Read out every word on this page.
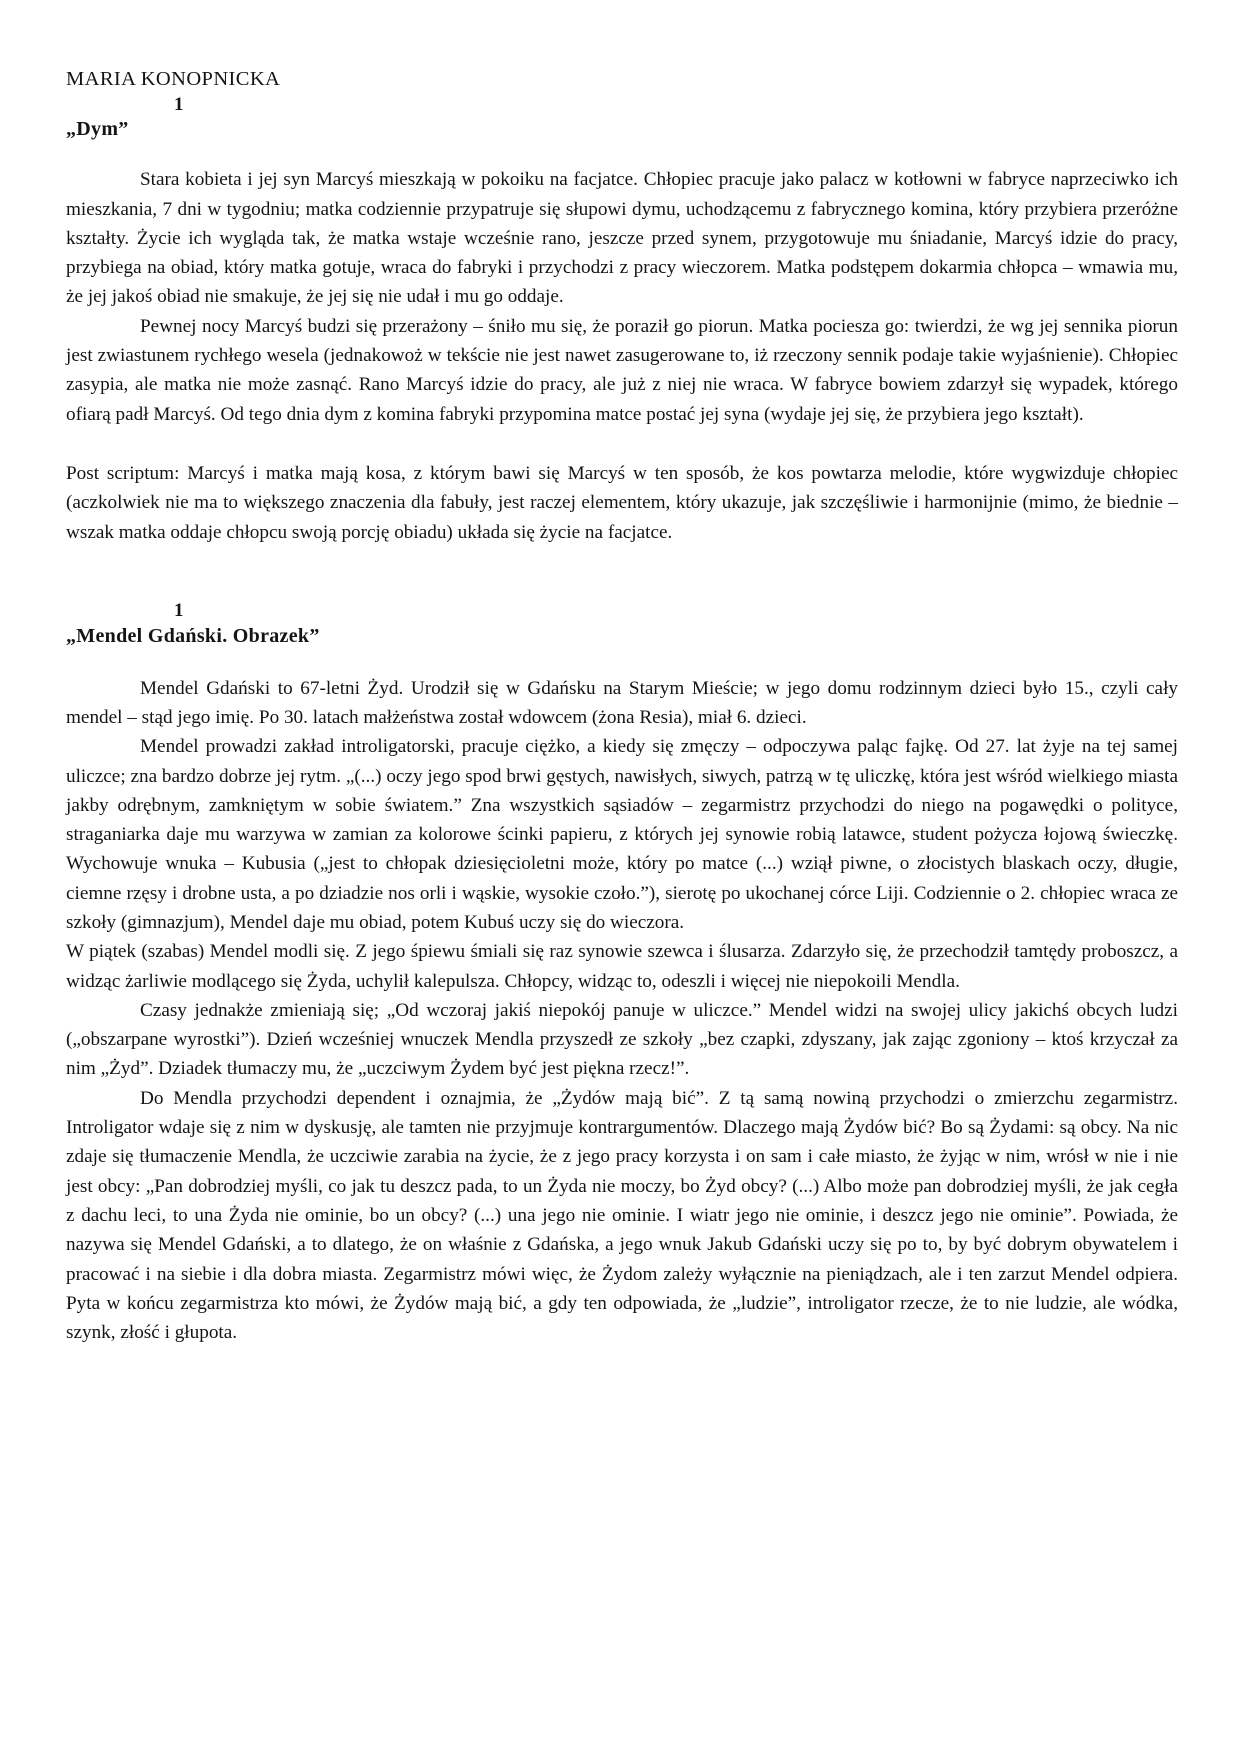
MARIA KONOPNICKA
1
„Dym”

Stara kobieta i jej syn Marcyś mieszkają w pokoiku na facjatce. Chłopiec pracuje jako palacz w kotłowni w fabryce naprzeciwko ich mieszkania, 7 dni w tygodniu; matka codziennie przypatruje się słupowi dymu, uchodzącemu z fabrycznego komina, który przybiera przeróżne kształty. Życie ich wygląda tak, że matka wstaje wcześnie rano, jeszcze przed synem, przygotowuje mu śniadanie, Marcyś idzie do pracy, przybiega na obiad, który matka gotuje, wraca do fabryki i przychodzi z pracy wieczorem. Matka podstępem dokarmia chłopca – wmawia mu, że jej jakoś obiad nie smakuje, że jej się nie udał i mu go oddaje.

Pewnej nocy Marcyś budzi się przerażony – śniło mu się, że poraził go piorun. Matka pociesza go: twierdzi, że wg jej sennika piorun jest zwiastunem rychłego wesela (jednakowoż w tekście nie jest nawet zasugerowane to, iż rzeczony sennik podaje takie wyjaśnienie). Chłopiec zasypia, ale matka nie może zasnąć. Rano Marcyś idzie do pracy, ale już z niej nie wraca. W fabryce bowiem zdarzył się wypadek, którego ofiarą padł Marcyś. Od tego dnia dym z komina fabryki przypomina matce postać jej syna (wydaje jej się, że przybiera jego kształt).

Post scriptum: Marcyś i matka mają kosa, z którym bawi się Marcyś w ten sposób, że kos powtarza melodie, które wygwizduje chłopiec (aczkolwiek nie ma to większego znaczenia dla fabuły, jest raczej elementem, który ukazuje, jak szczęśliwie i harmonijnie (mimo, że biednie – wszak matka oddaje chłopcu swoją porcję obiadu) układa się życie na facjatce.

1
„Mendel Gdański. Obrazek”

Mendel Gdański to 67-letni Żyd. Urodził się w Gdańsku na Starym Mieście; w jego domu rodzinnym dzieci było 15., czyli cały mendel – stąd jego imię. Po 30. latach małżeństwa został wdowcem (żona Resia), miał 6. dzieci.

Mendel prowadzi zakład introligatorski, pracuje ciężko, a kiedy się zmęczy – odpoczywa paląc fajkę. Od 27. lat żyje na tej samej uliczce; zna bardzo dobrze jej rytm. „(...) oczy jego spod brwi gęstych, nawisłych, siwych, patrzą w tę uliczkę, która jest wśród wielkiego miasta jakby odrębnym, zamkniętym w sobie światem.” Zna wszystkich sąsiadów – zegarmistrz przychodzi do niego na pogawędki o polityce, straganiarka daje mu warzywa w zamian za kolorowe ścinki papieru, z których jej synowie robią latawce, student pożycza łojową świeczkę. Wychowuje wnuka – Kubusia („jest to chłopak dziesięcioletni może, który po matce (...) wziął piwne, o złocistych blaskach oczy, długie, ciemne rzęsy i drobne usta, a po dziadzie nos orli i wąskie, wysokie czoło.”), sierotę po ukochanej córce Liji. Codziennie o 2. chłopiec wraca ze szkoły (gimnazjum), Mendel daje mu obiad, potem Kubuś uczy się do wieczora.

W piątek (szabas) Mendel modli się. Z jego śpiewu śmiali się raz synowie szewca i ślusarza. Zdarzyło się, że przechodził tamtędy proboszcz, a widząc żarliwie modlącego się Żyda, uchylił kalepulsza. Chłopcy, widząc to, odeszli i więcej nie niepokoili Mendla.

Czasy jednakże zmieniają się; „Od wczoraj jakiś niepokój panuje w uliczce.” Mendel widzi na swojej ulicy jakichś obcych ludzi („obszarpane wyrostki”). Dzień wcześniej wnuczek Mendla przyszedł ze szkoły „bez czapki, zdyszany, jak zając zgoniony – ktoś krzyczał za nim „Żyd”. Dziadek tłumaczy mu, że „uczciwym Żydem być jest piękna rzecz!”.

Do Mendla przychodzi dependent i oznajmia, że „Żydów mają bić”. Z tą samą nowiną przychodzi o zmierzchu zegarmistrz. Introligator wdaje się z nim w dyskusję, ale tamten nie przyjmuje kontrargumentów. Dlaczego mają Żydów bić? Bo są Żydami: są obcy. Na nic zdaje się tłumaczenie Mendla, że uczciwie zarabia na życie, że z jego pracy korzysta i on sam i całe miasto, że żyjąc w nim, wrósł w nie i nie jest obcy: „Pan dobrodziej myśli, co jak tu deszcz pada, to un Żyda nie moczy, bo Żyd obcy? (...) Albo może pan dobrodziej myśli, że jak cegła z dachu leci, to una Żyda nie ominie, bo un obcy? (...) una jego nie ominie. I wiatr jego nie ominie, i deszcz jego nie ominie”. Powiada, że nazywa się Mendel Gdański, a to dlatego, że on właśnie z Gdańska, a jego wnuk Jakub Gdański uczy się po to, by być dobrym obywatelem i pracować i na siebie i dla dobra miasta. Zegarmistrz mówi więc, że Żydom zależy wyłącznie na pieniądzach, ale i ten zarzut Mendel odpiera. Pyta w końcu zegarmistrza kto mówi, że Żydów mają bić, a gdy ten odpowiada, że „ludzie”, introligator rzecze, że to nie ludzie, ale wódka, szynk, złość i głupota.
